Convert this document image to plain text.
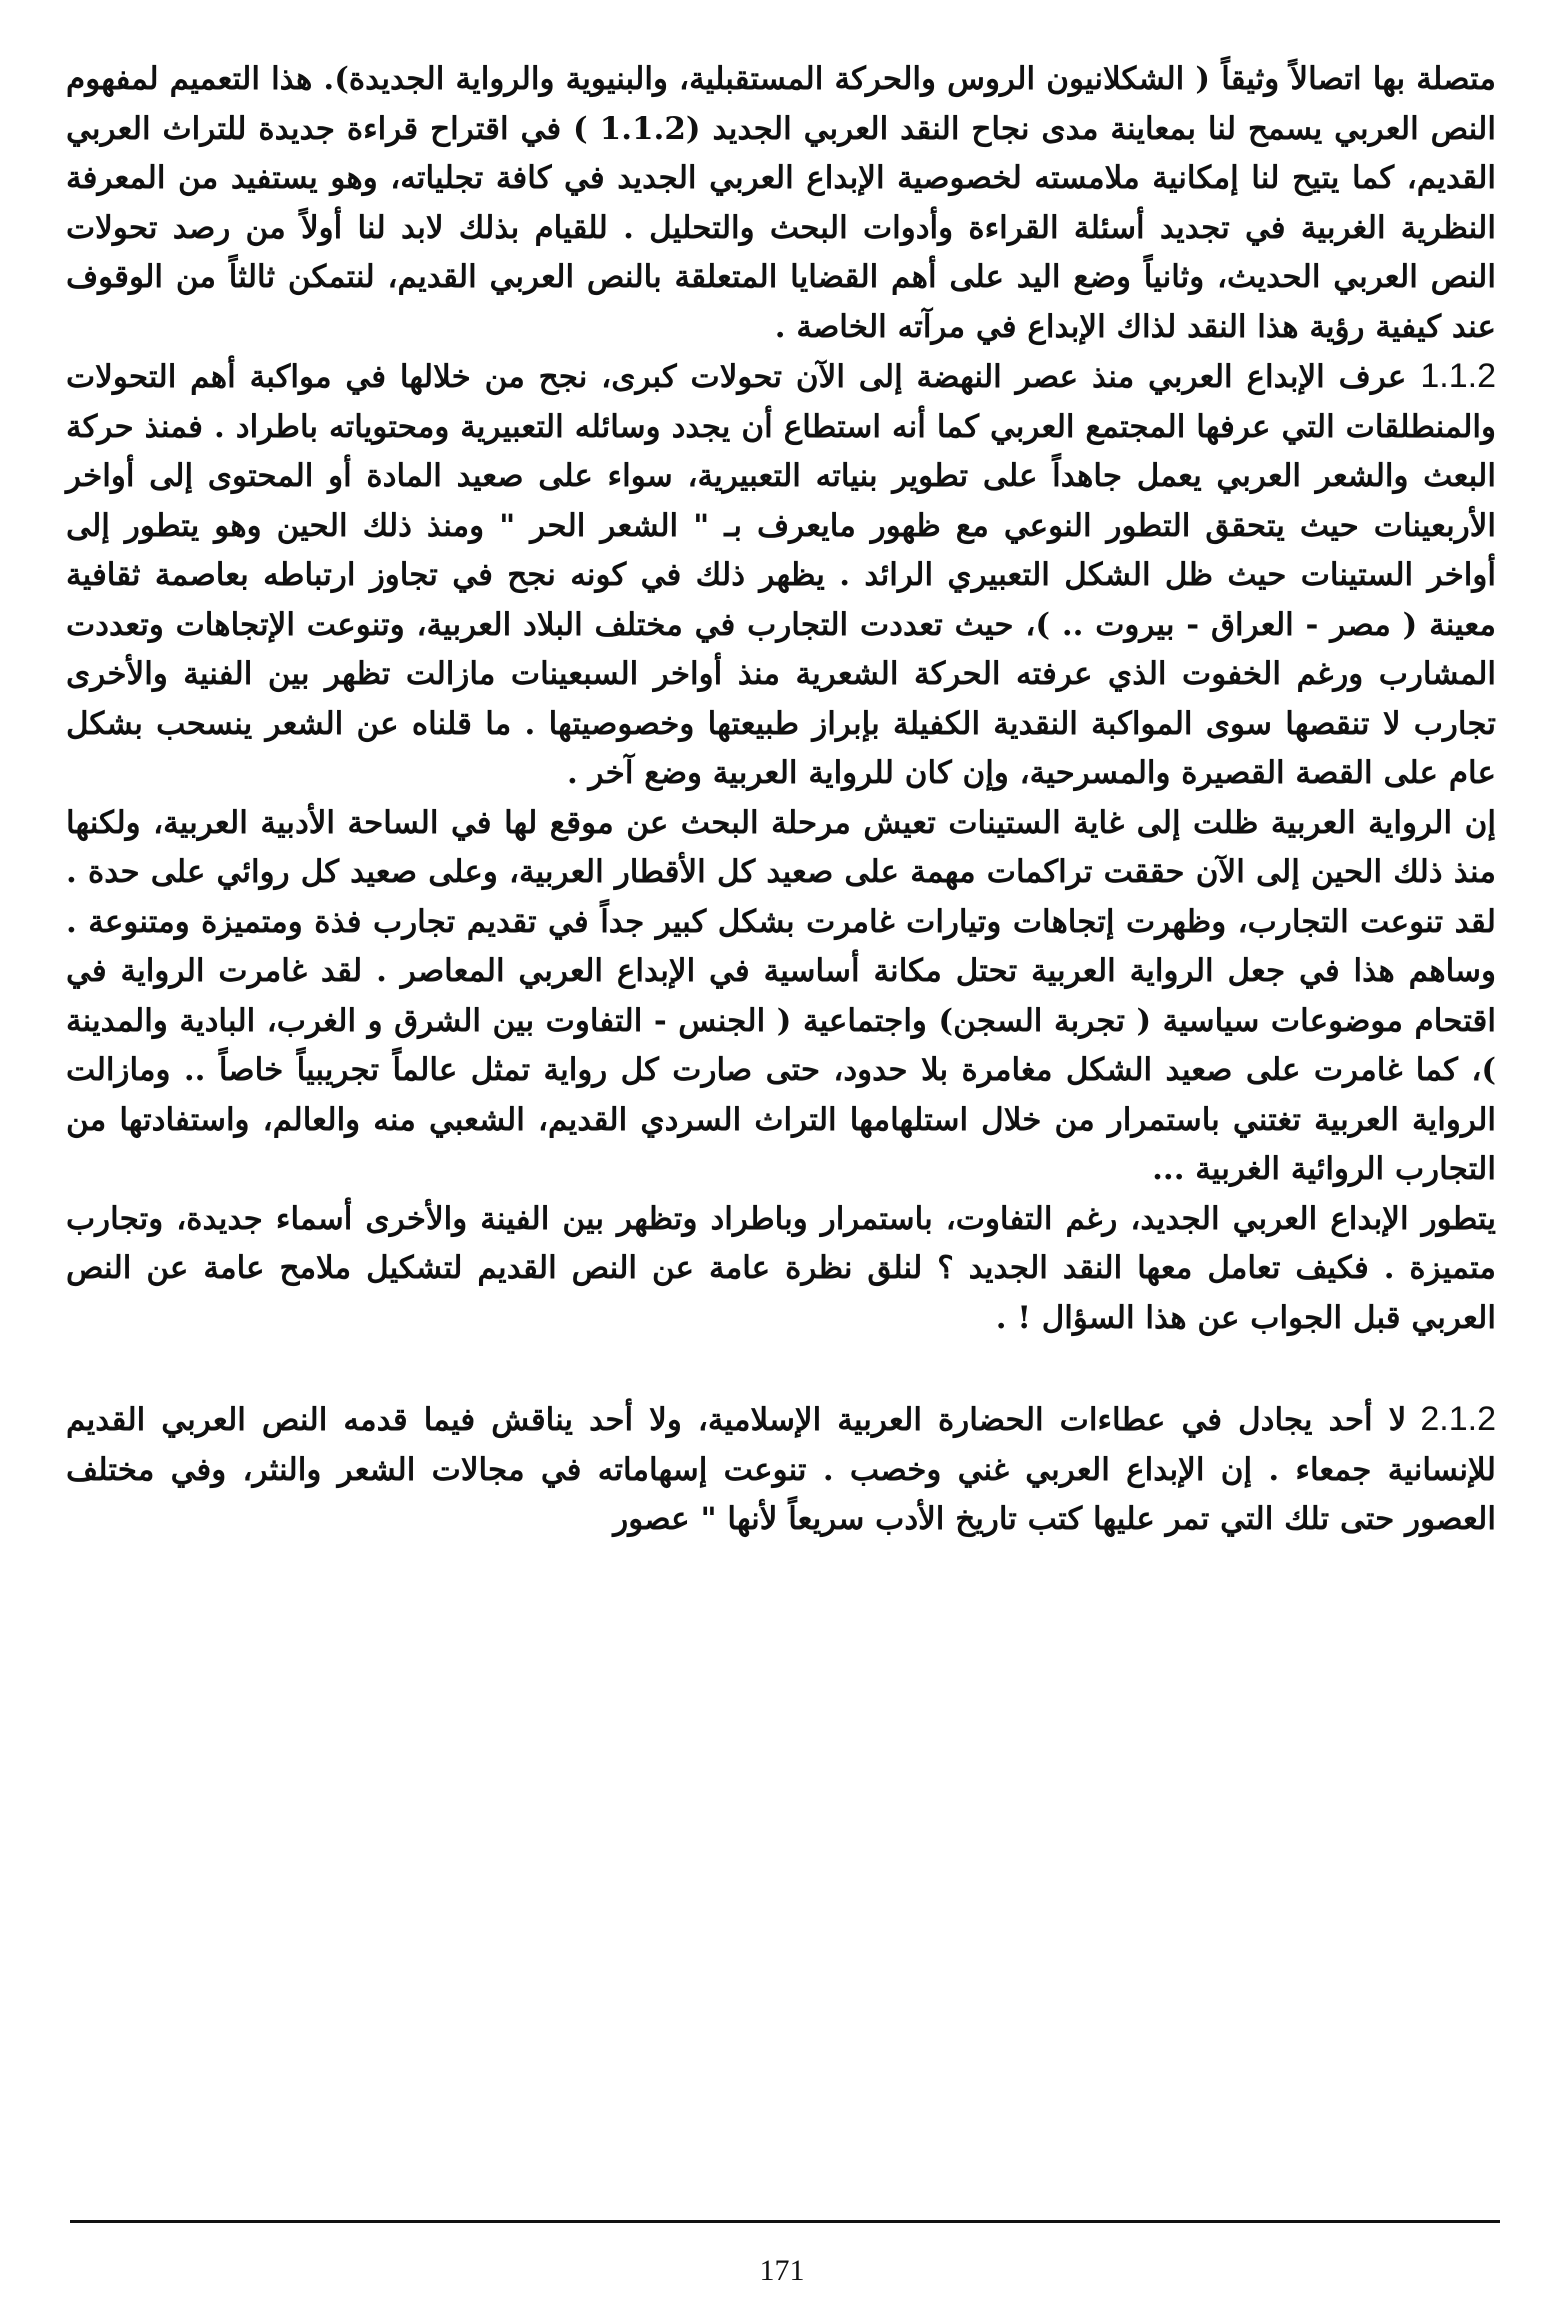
متصلة بها اتصالاً وثيقاً ( الشكلانيون الروس والحركة المستقبلية، والبنيوية والرواية الجديدة). هذا التعميم لمفهوم النص العربي يسمح لنا بمعاينة مدى نجاح النقد العربي الجديد (1.1.2 ) في اقتراح قراءة جديدة للتراث العربي القديم، كما يتيح لنا إمكانية ملامسته لخصوصية الإبداع العربي الجديد في كافة تجلياته، وهو يستفيد من المعرفة النظرية الغربية في تجديد أسئلة القراءة وأدوات البحث والتحليل . للقيام بذلك لابد لنا أولاً من رصد تحولات النص العربي الحديث، وثانياً وضع اليد على أهم القضايا المتعلقة بالنص العربي القديم، لنتمكن ثالثاً من الوقوف عند كيفية رؤية هذا النقد لذاك الإبداع في مرآته الخاصة .

1.1.2عرف الإبداع العربي منذ عصر النهضة إلى الآن تحولات كبرى، نجح من خلالها في مواكبة أهم التحولات والمنطلقات التي عرفها المجتمع العربي كما أنه استطاع أن يجدد وسائله التعبيرية ومحتوياته باطراد . فمنذ حركة البعث والشعر العربي يعمل جاهداً على تطوير بنياته التعبيرية، سواء على صعيد المادة أو المحتوى إلى أواخر الأربعينات حيث يتحقق التطور النوعي مع ظهور مايعرف بـ " الشعر الحر " ومنذ ذلك الحين وهو يتطور إلى أواخر الستينات حيث ظل الشكل التعبيري الرائد . يظهر ذلك في كونه نجح في تجاوز ارتباطه بعاصمة ثقافية معينة ( مصر - العراق - بيروت .. )، حيث تعددت التجارب في مختلف البلاد العربية، وتنوعت الإتجاهات وتعددت المشارب ورغم الخفوت الذي عرفته الحركة الشعرية منذ أواخر السبعينات مازالت تظهر بين الفنية والأخرى تجارب لا تنقصها سوى المواكبة النقدية الكفيلة بإبراز طبيعتها وخصوصيتها . ما قلناه عن الشعر ينسحب بشكل عام على القصة القصيرة والمسرحية، وإن كان للرواية العربية وضع آخر .

إن الرواية العربية ظلت إلى غاية الستينات تعيش مرحلة البحث عن موقع لها في الساحة الأدبية العربية، ولكنها منذ ذلك الحين إلى الآن حققت تراكمات مهمة على صعيد كل الأقطار العربية، وعلى صعيد كل روائي على حدة . لقد تنوعت التجارب، وظهرت إتجاهات وتيارات غامرت بشكل كبير جداً في تقديم تجارب فذة ومتميزة ومتنوعة . وساهم هذا في جعل الرواية العربية تحتل مكانة أساسية في الإبداع العربي المعاصر . لقد غامرت الرواية في اقتحام موضوعات سياسية ( تجربة السجن) واجتماعية ( الجنس - التفاوت بين الشرق و الغرب، البادية والمدينة )، كما غامرت على صعيد الشكل مغامرة بلا حدود، حتى صارت كل رواية تمثل عالماً تجريبياً خاصاً .. ومازالت الرواية العربية تغتني باستمرار من خلال استلهامها التراث السردي القديم، الشعبي منه والعالم، واستفادتها من التجارب الروائية الغربية ...

يتطور الإبداع العربي الجديد، رغم التفاوت، باستمرار وباطراد وتظهر بين الفينة والأخرى أسماء جديدة، وتجارب متميزة . فكيف تعامل معها النقد الجديد ؟ لنلق نظرة عامة عن النص القديم لتشكيل ملامح عامة عن النص العربي قبل الجواب عن هذا السؤال ! .

2.1.2لا أحد يجادل في عطاءات الحضارة العربية الإسلامية، ولا أحد يناقش فيما قدمه النص العربي القديم للإنسانية جمعاء . إن الإبداع العربي غني وخصب . تنوعت إسهاماته في مجالات الشعر والنثر، وفي مختلف العصور حتى تلك التي تمر عليها كتب تاريخ الأدب سريعاً لأنها " عصور

171
